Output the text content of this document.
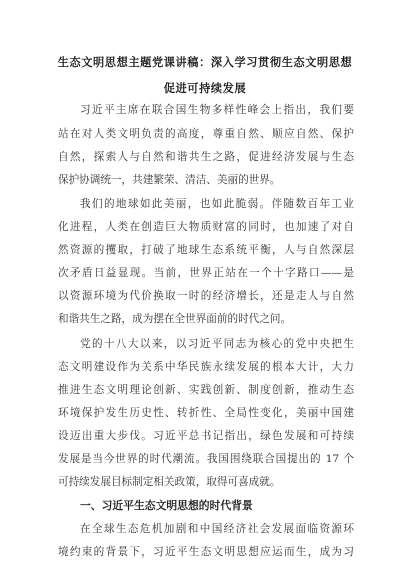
生态文明思想主题党课讲稿：深入学习贯彻生态文明思想
促进可持续发展
习近平主席在联合国生物多样性峰会上指出，我们要
站在对人类文明负责的高度，尊重自然、顺应自然、保护
自然，探索人与自然和谐共生之路，促进经济发展与生态
保护协调统一，共建繁荣、清洁、美丽的世界。
我们的地球如此美丽，也如此脆弱。伴随数百年工业
化进程，人类在创造巨大物质财富的同时，也加速了对自
然资源的攫取，打破了地球生态系统平衡，人与自然深层
次矛盾日益显现。当前，世界正站在一个十字路口——是
以资源环境为代价换取一时的经济增长，还是走人与自然
和谐共生之路，成为摆在全世界面前的时代之问。
党的十八大以来，以习近平同志为核心的党中央把生
态文明建设作为关系中华民族永续发展的根本大计，大力
推进生态文明理论创新、实践创新、制度创新，推动生态
环境保护发生历史性、转折性、全局性变化，美丽中国建
设迈出重大步伐。习近平总书记指出，绿色发展和可持续
发展是当今世界的时代潮流。我国围绕联合国提出的 17 个
可持续发展目标制定相关政策，取得可喜成就。
一、习近平生态文明思想的时代背景
在全球生态危机加剧和中国经济社会发展面临资源环
境约束的背景下，习近平生态文明思想应运而生，成为习
